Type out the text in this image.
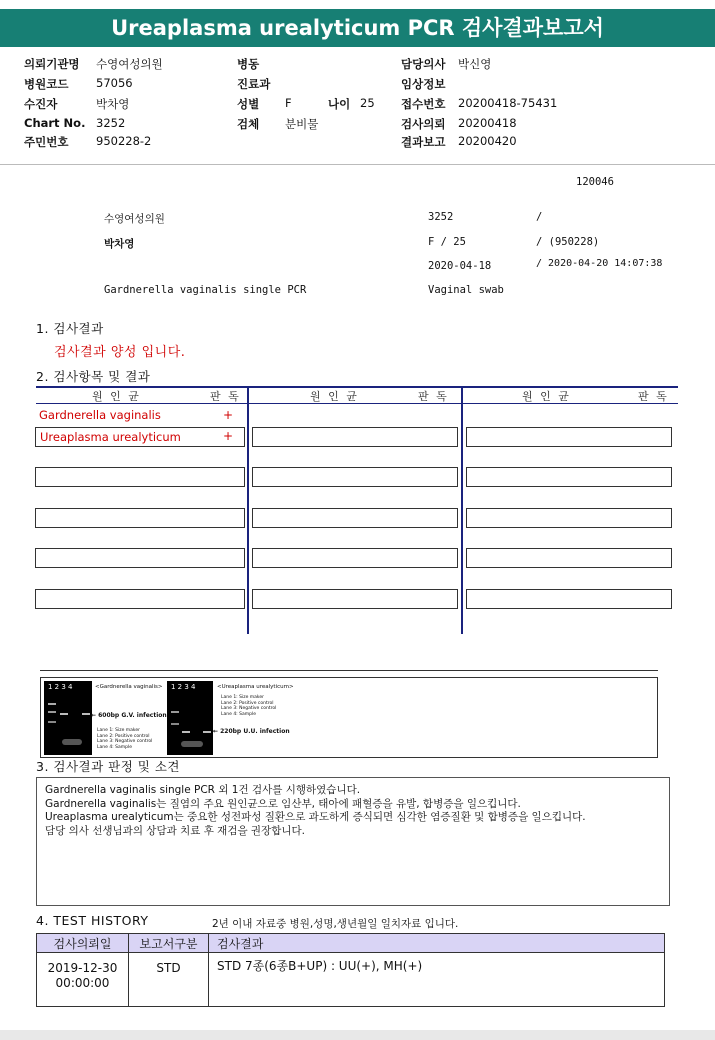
Ureaplasma urealyticum PCR 검사결과보고서
의뢰기관명 수영여성의원	병동	담당의사 박신영
병원코드 57056	진료과	임상정보
수진자	박차영	성별 F	나이 25 접수번호 20200418-75431
Chart No. 3252	검체 분비물	검사의뢰 20200418
주민번호 950228-2	결과보고 20200420
120046
수영여성의원	3252	/
박차영	F / 25	/ (950228)
2020-04-18	/ 2020-04-20 14:07:38
Gardnerella vaginalis single PCR	Vaginal swab
1. 검사결과
검사결과 양성 입니다.
2. 검사항목 및 결과
원 인 균	판 독	원 인 균	판 독	원 인 균	판 독
Gardnerella vaginalis	+
Ureaplasma urealyticum	+
1 2 3 4	<Gardnerella vaginalis>
← 600bp G.V. infection
Lane 1: Size maker
Lane 2: Positive control
Lane 3: Negative control
Lane 4: Sample
1 2 3 4	<Ureaplasma urealyticum>
Lane 1: Size maker
Lane 2: Positive control
Lane 3: Negative control
Lane 4: Sample
← 220bp U.U. infection
3. 검사결과 판정 및 소견
Gardnerella vaginalis single PCR 외 1건 검사를 시행하였습니다.
Gardnerella vaginalis는 질염의 주요 원인균으로 임산부, 태아에 패혈증을 유발, 합병증을 일으킵니다.
Ureaplasma urealyticum는 중요한 성전파성 질환으로 과도하게 증식되면 심각한 염증질환 및 합병증을 일으킵니다.
담당 의사 선생님과의 상담과 치료 후 재검을 권장합니다.
4. TEST HISTORY	2년 이내 자료중 병원,성명,생년월일 일치자료 입니다.
검사의뢰일	보고서구분	검사결과

2019-12-30
00:00:00	STD	STD 7종(6종B+UP) : UU(+), MH(+)
